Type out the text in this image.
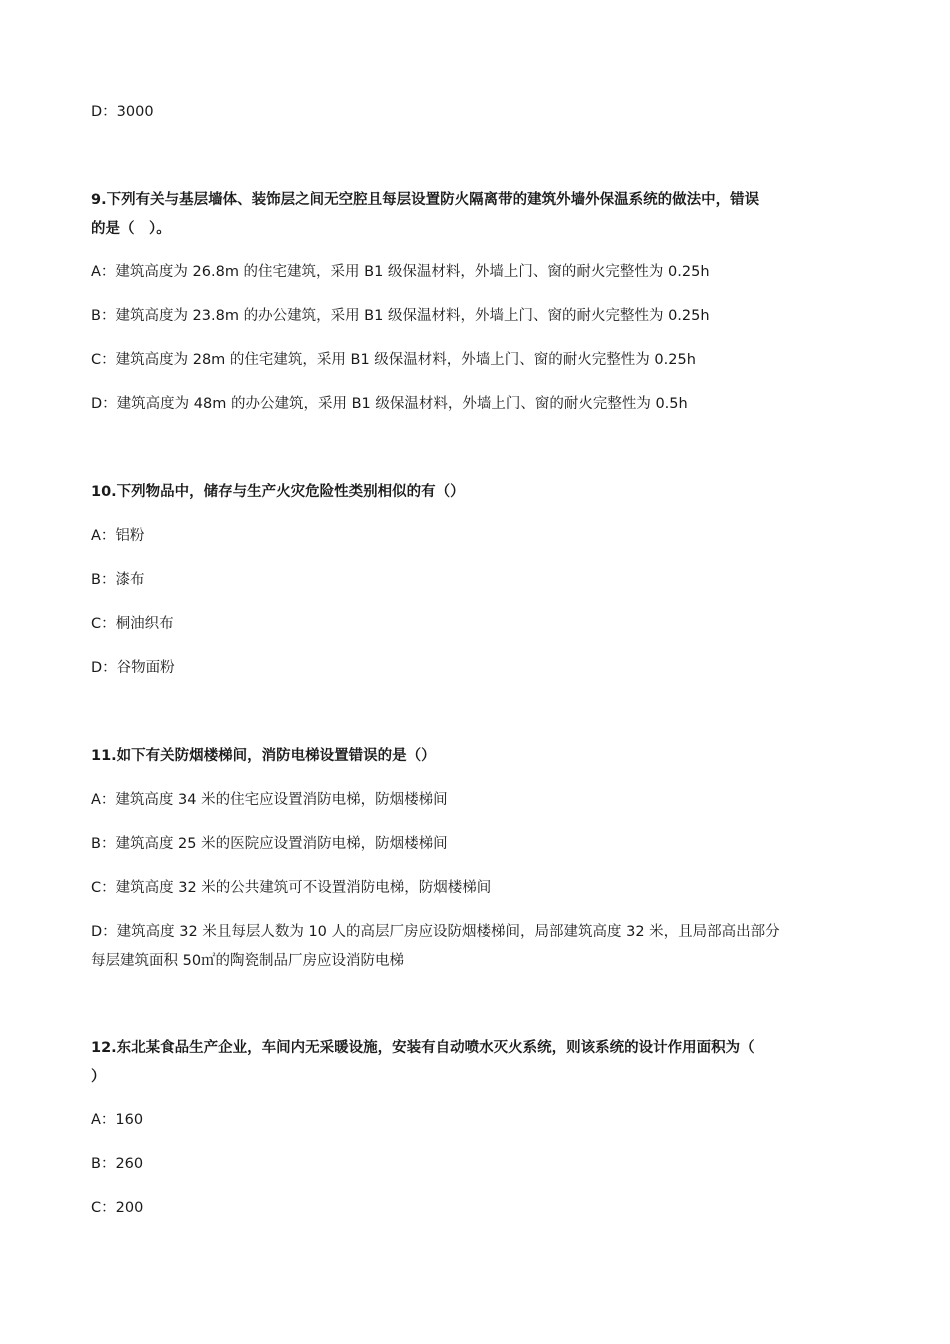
D：3000
9.下列有关与基层墙体、装饰层之间无空腔且每层设置防火隔离带的建筑外墙外保温系统的做法中，错误
的是（　）。
A：建筑高度为 26.8m 的住宅建筑，采用 B1 级保温材料，外墙上门、窗的耐火完整性为 0.25h
B：建筑高度为 23.8m 的办公建筑，采用 B1 级保温材料，外墙上门、窗的耐火完整性为 0.25h
C：建筑高度为 28m 的住宅建筑，采用 B1 级保温材料，外墙上门、窗的耐火完整性为 0.25h
D：建筑高度为 48m 的办公建筑，采用 B1 级保温材料，外墙上门、窗的耐火完整性为 0.5h
10.下列物品中，储存与生产火灾危险性类别相似的有（）
A：铝粉
B：漆布
C：桐油织布
D：谷物面粉
11.如下有关防烟楼梯间，消防电梯设置错误的是（）
A：建筑高度 34 米的住宅应设置消防电梯，防烟楼梯间
B：建筑高度 25 米的医院应设置消防电梯，防烟楼梯间
C：建筑高度 32 米的公共建筑可不设置消防电梯，防烟楼梯间
D：建筑高度 32 米且每层人数为 10 人的高层厂房应设防烟楼梯间，局部建筑高度 32 米，且局部高出部分
每层建筑面积 50㎡的陶瓷制品厂房应设消防电梯
12.东北某食品生产企业，车间内无采暖设施，安装有自动喷水灭火系统，则该系统的设计作用面积为（
）
A：160
B：260
C：200
